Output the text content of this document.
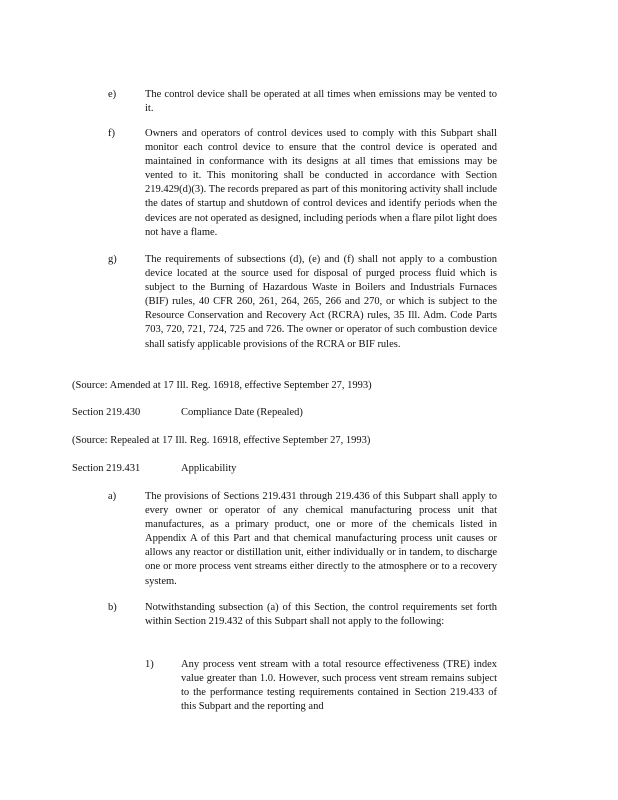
e)	The control device shall be operated at all times when emissions may be vented to it.
f)	Owners and operators of control devices used to comply with this Subpart shall monitor each control device to ensure that the control device is operated and maintained in conformance with its designs at all times that emissions may be vented to it. This monitoring shall be conducted in accordance with Section 219.429(d)(3). The records prepared as part of this monitoring activity shall include the dates of startup and shutdown of control devices and identify periods when the devices are not operated as designed, including periods when a flare pilot light does not have a flame.
g)	The requirements of subsections (d), (e) and (f) shall not apply to a combustion device located at the source used for disposal of purged process fluid which is subject to the Burning of Hazardous Waste in Boilers and Industrials Furnaces (BIF) rules, 40 CFR 260, 261, 264, 265, 266 and 270, or which is subject to the Resource Conservation and Recovery Act (RCRA) rules, 35 Ill. Adm. Code Parts 703, 720, 721, 724, 725 and 726. The owner or operator of such combustion device shall satisfy applicable provisions of the RCRA or BIF rules.
(Source: Amended at 17 Ill. Reg. 16918, effective September 27, 1993)
Section 219.430	Compliance Date (Repealed)
(Source: Repealed at 17 Ill. Reg. 16918, effective September 27, 1993)
Section 219.431	Applicability
a)	The provisions of Sections 219.431 through 219.436 of this Subpart shall apply to every owner or operator of any chemical manufacturing process unit that manufactures, as a primary product, one or more of the chemicals listed in Appendix A of this Part and that chemical manufacturing process unit causes or allows any reactor or distillation unit, either individually or in tandem, to discharge one or more process vent streams either directly to the atmosphere or to a recovery system.
b)	Notwithstanding subsection (a) of this Section, the control requirements set forth within Section 219.432 of this Subpart shall not apply to the following:
1)	Any process vent stream with a total resource effectiveness (TRE) index value greater than 1.0. However, such process vent stream remains subject to the performance testing requirements contained in Section 219.433 of this Subpart and the reporting and
